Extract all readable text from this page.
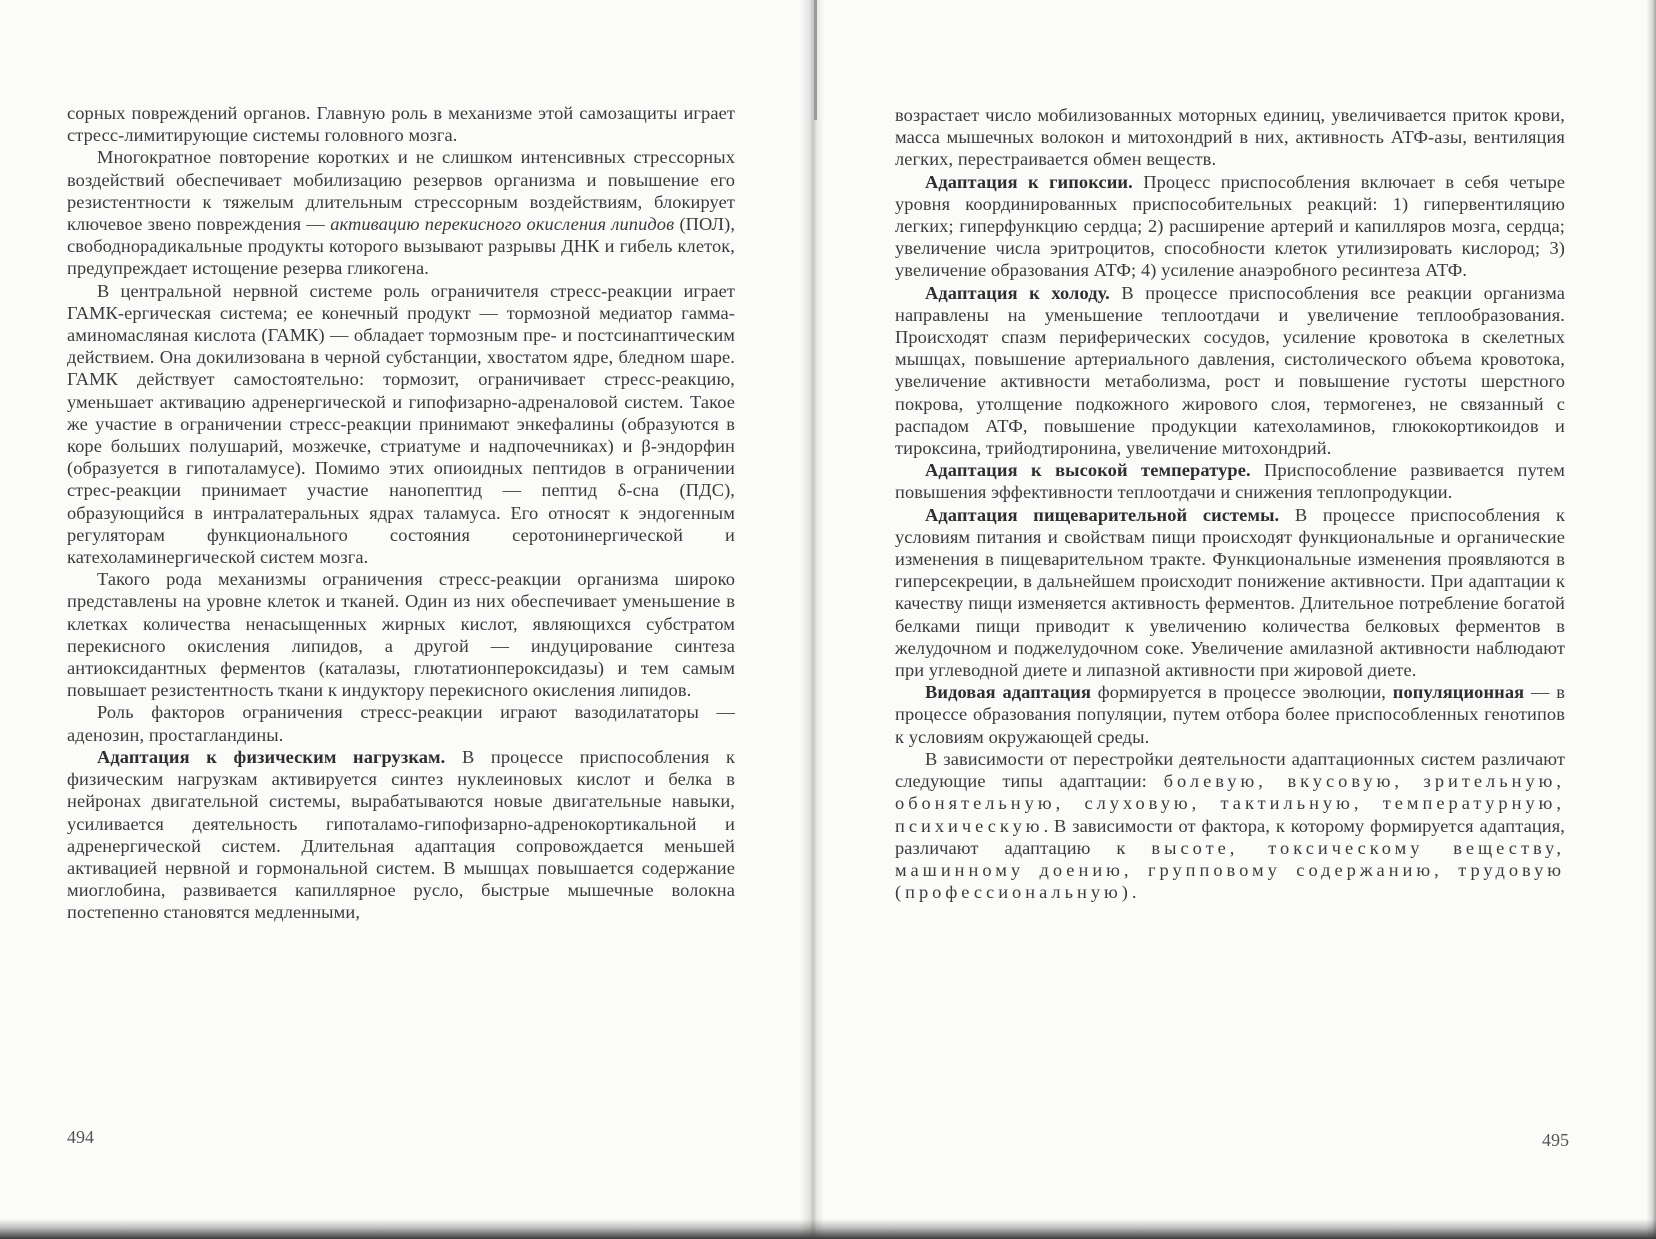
сорных повреждений органов. Главную роль в механизме этой самозащиты играет стресс-лимитирующие системы головного мозга.

Многократное повторение коротких и не слишком интенсивных стрессорных воздействий обеспечивает мобилизацию резервов организма и повышение его резистентности к тяжелым длительным стрессорным воздействиям, блокирует ключевое звено повреждения — активацию перекисного окисления липидов (ПОЛ), свободнорадикальные продукты которого вызывают разрывы ДНК и гибель клеток, предупреждает истощение резерва гликогена.

В центральной нервной системе роль ограничителя стресс-реакции играет ГАМК-ергическая система; ее конечный продукт — тормозной медиатор гамма-аминомасляная кислота (ГАМК) — обладает тормозным пре- и постсинаптическим действием. Она докилизована в черной субстанции, хвостатом ядре, бледном шаре. ГАМК действует самостоятельно: тормозит, ограничивает стресс-реакцию, уменьшает активацию адренергической и гипофизарно-адреналовой систем. Такое же участие в ограничении стресс-реакции принимают энкефалины (образуются в коре больших полушарий, мозжечке, стриатуме и надпочечниках) и β-эндорфин (образуется в гипоталамусе). Помимо этих опиоидных пептидов в ограничении стрес-реакции принимает участие нанопептид — пептид δ-сна (ПДС), образующийся в интралатеральных ядрах таламуса. Его относят к эндогенным регуляторам функционального состояния серотонинергической и катехоламинергической систем мозга.

Такого рода механизмы ограничения стресс-реакции организма широко представлены на уровне клеток и тканей. Один из них обеспечивает уменьшение в клетках количества ненасыщенных жирных кислот, являющихся субстратом перекисного окисления липидов, а другой — индуцирование синтеза антиоксидантных ферментов (каталазы, глютатионпероксидазы) и тем самым повышает резистентность ткани к индуктору перекисного окисления липидов.

Роль факторов ограничения стресс-реакции играют вазодилататоры — аденозин, простагландины.

Адаптация к физическим нагрузкам. В процессе приспособления к физическим нагрузкам активируется синтез нуклеиновых кислот и белка в нейронах двигательной системы, вырабатываются новые двигательные навыки, усиливается деятельность гипоталамо-гипофизарно-адренокортикальной и адренергической систем. Длительная адаптация сопровождается меньшей активацией нервной и гормональной систем. В мышцах повышается содержание миоглобина, развивается капиллярное русло, быстрые мышечные волокна постепенно становятся медленными,

494

возрастает число мобилизованных моторных единиц, увеличивается приток крови, масса мышечных волокон и митохондрий в них, активность АТФ-азы, вентиляция легких, перестраивается обмен веществ.

Адаптация к гипоксии. Процесс приспособления включает в себя четыре уровня координированных приспособительных реакций: 1) гипервентиляцию легких; гиперфункцию сердца; 2) расширение артерий и капилляров мозга, сердца; увеличение числа эритроцитов, способности клеток утилизировать кислород; 3) увеличение образования АТФ; 4) усиление анаэробного ресинтеза АТФ.

Адаптация к холоду. В процессе приспособления все реакции организма направлены на уменьшение теплоотдачи и увеличение теплообразования. Происходят спазм периферических сосудов, усиление кровотока в скелетных мышцах, повышение артериального давления, систолического объема кровотока, увеличение активности метаболизма, рост и повышение густоты шерстного покрова, утолщение подкожного жирового слоя, термогенез, не связанный с распадом АТФ, повышение продукции катехоламинов, глюкокортикоидов и тироксина, трийодтиронина, увеличение митохондрий.

Адаптация к высокой температуре. Приспособление развивается путем повышения эффективности теплоотдачи и снижения теплопродукции.

Адаптация пищеварительной системы. В процессе приспособления к условиям питания и свойствам пищи происходят функциональные и органические изменения в пищеварительном тракте. Функциональные изменения проявляются в гиперсекреции, в дальнейшем происходит понижение активности. При адаптации к качеству пищи изменяется активность ферментов. Длительное потребление богатой белками пищи приводит к увеличению количества белковых ферментов в желудочном и поджелудочном соке. Увеличение амилазной активности наблюдают при углеводной диете и липазной активности при жировой диете.

Видовая адаптация формируется в процессе эволюции, популяционная — в процессе образования популяции, путем отбора более приспособленных генотипов к условиям окружающей среды.

В зависимости от перестройки деятельности адаптационных систем различают следующие типы адаптации: болевую, вкусовую, зрительную, обонятельную, слуховую, тактильную, температурную, психическую. В зависимости от фактора, к которому формируется адаптация, различают адаптацию к высоте, токсическому веществу, машинному доению, групповому содержанию, трудовую (профессиональную).

495
